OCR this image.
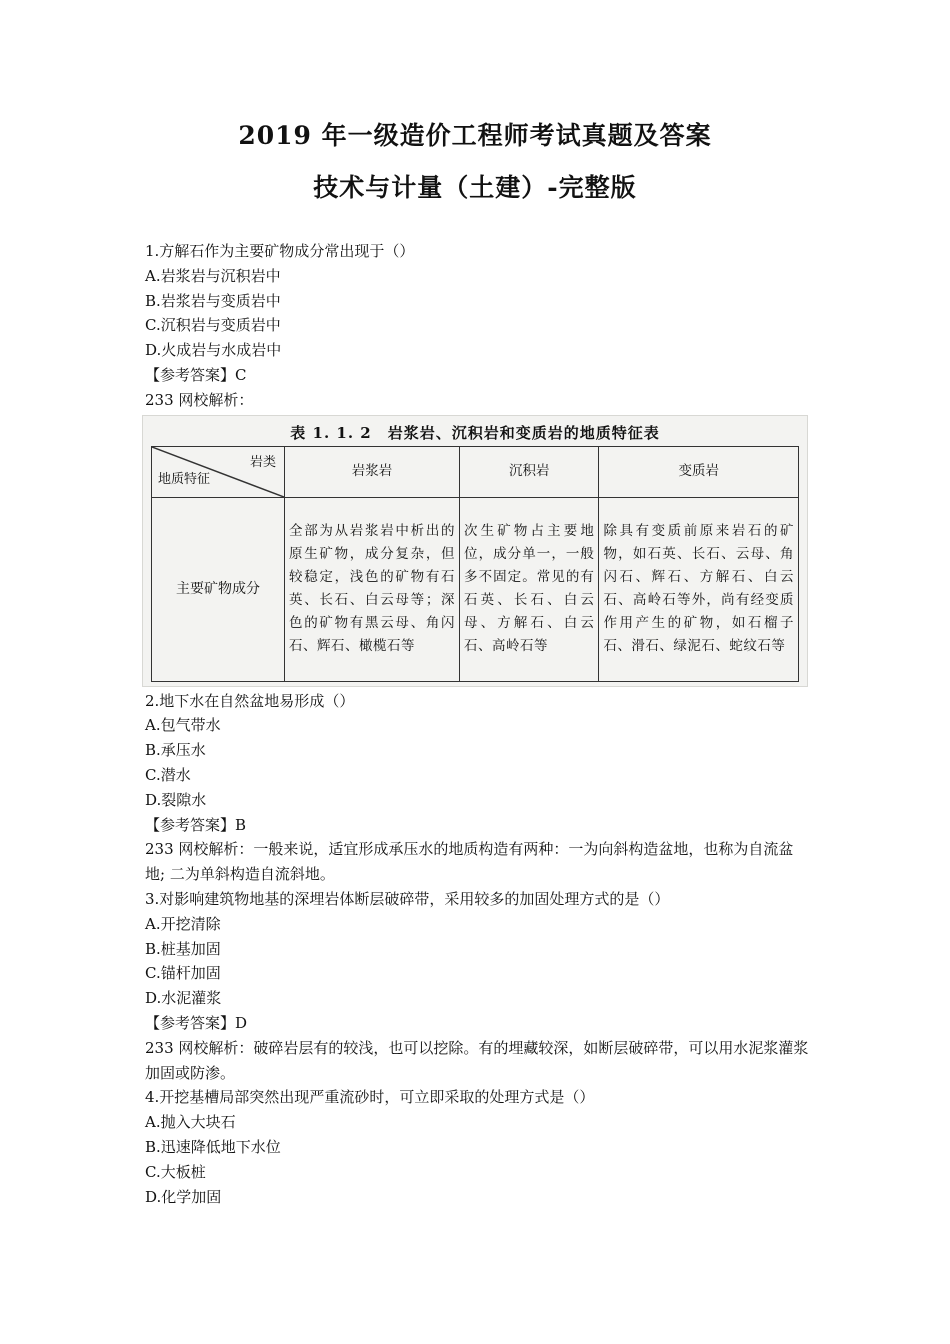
2019 年一级造价工程师考试真题及答案
技术与计量（土建）-完整版

1.方解石作为主要矿物成分常出现于（）

A.岩浆岩与沉积岩中

B.岩浆岩与变质岩中

C.沉积岩与变质岩中

D.火成岩与水成岩中

【参考答案】C

233 网校解析：

表 1. 1. 2　岩浆岩、沉积岩和变质岩的地质特征表
岩类
地质特征	岩浆岩	沉积岩	变质岩
主要矿物成分	全部为从岩浆岩中析出的原生矿物，成分复杂，但较稳定，浅色的矿物有石英、长石、白云母等；深色的矿物有黑云母、角闪石、辉石、橄榄石等	次生矿物占主要地位，成分单一，一般多不固定。常见的有石英、长石、白云母、方解石、白云石、高岭石等	除具有变质前原来岩石的矿物，如石英、长石、云母、角闪石、辉石、方解石、白云石、高岭石等外，尚有经变质作用产生的矿物，如石榴子石、滑石、绿泥石、蛇纹石等

2.地下水在自然盆地易形成（）

A.包气带水

B.承压水

C.潜水

D.裂隙水

【参考答案】B

233 网校解析：一般来说，适宜形成承压水的地质构造有两种：一为向斜构造盆地，也称为自流盆地; 二为单斜构造自流斜地。

3.对影响建筑物地基的深埋岩体断层破碎带，采用较多的加固处理方式的是（）

A.开挖清除

B.桩基加固

C.锚杆加固

D.水泥灌浆

【参考答案】D

233 网校解析：破碎岩层有的较浅，也可以挖除。有的埋藏较深，如断层破碎带，可以用水泥浆灌浆加固或防渗。

4.开挖基槽局部突然出现严重流砂时，可立即采取的处理方式是（）

A.抛入大块石

B.迅速降低地下水位

C.大板桩

D.化学加固
